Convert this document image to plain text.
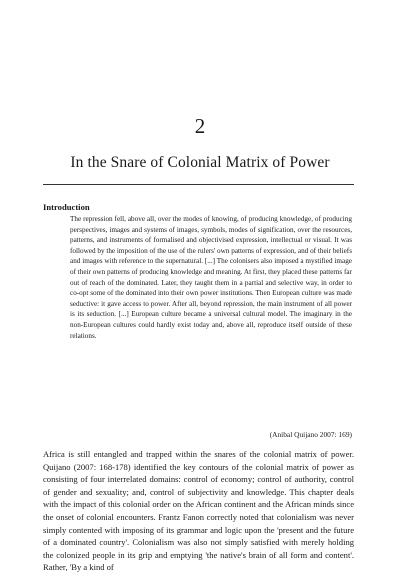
2
In the Snare of Colonial Matrix of Power
Introduction
The repression fell, above all, over the modes of knowing, of producing knowledge, of producing perspectives, images and systems of images, symbols, modes of signification, over the resources, patterns, and instruments of formalised and objectivised expression, intellectual or visual. It was followed by the imposition of the use of the rulers' own patterns of expression, and of their beliefs and images with reference to the supernatural. [...] The colonisers also imposed a mystified image of their own patterns of producing knowledge and meaning. At first, they placed these patterns far out of reach of the dominated. Later, they taught them in a partial and selective way, in order to co-opt some of the dominated into their own power institutions. Then European culture was made seductive: it gave access to power. After all, beyond repression, the main instrument of all power is its seduction. [...] European culture became a universal cultural model. The imaginary in the non-European cultures could hardly exist today and, above all, reproduce itself outside of these relations.
(Anibal Quijano 2007: 169)
Africa is still entangled and trapped within the snares of the colonial matrix of power. Quijano (2007: 168-178) identified the key contours of the colonial matrix of power as consisting of four interrelated domains: control of economy; control of authority, control of gender and sexuality; and, control of subjectivity and knowledge. This chapter deals with the impact of this colonial order on the African continent and the African minds since the onset of colonial encounters. Frantz Fanon correctly noted that colonialism was never simply contented with imposing of its grammar and logic upon the 'present and the future of a dominated country'. Colonialism was also not simply satisfied with merely holding the colonized people in its grip and emptying 'the native's brain of all form and content'. Rather, 'By a kind of
